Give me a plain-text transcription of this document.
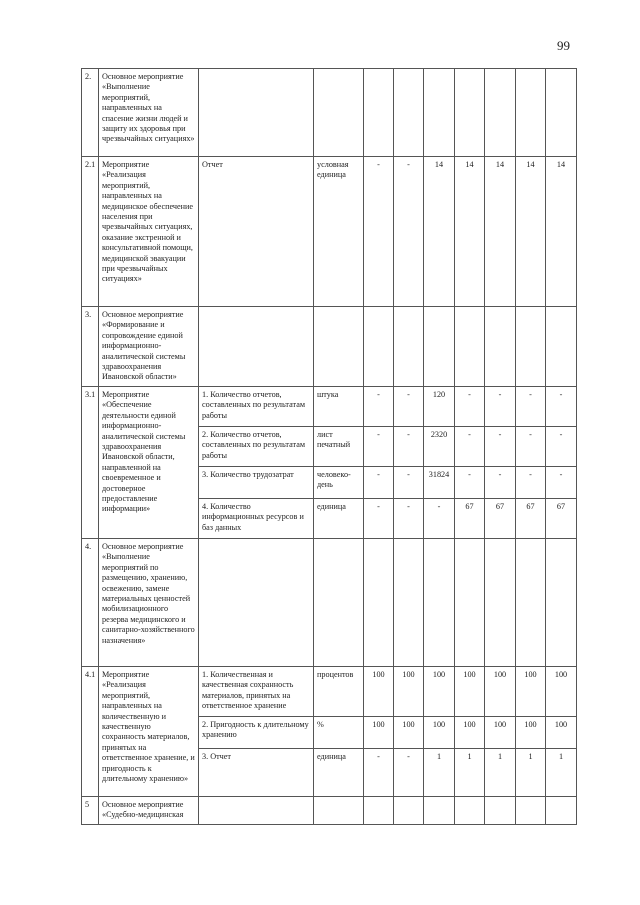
99
2.	Основное мероприятие «Выполнение мероприятий, направленных на спасение жизни людей и защиту их здоровья при чрезвычайных ситуациях»									
2.1	Мероприятие «Реализация мероприятий, направленных на медицинское обеспечение населения при чрезвычайных ситуациях, оказание экстренной и консультативной помощи, медицинской эвакуации при чрезвычайных ситуациях»	Отчет	условная единица	-	-	14	14	14	14	14
3.	Основное мероприятие «Формирование и сопровождение единой информационно-аналитической системы здравоохранения Ивановской области»									
3.1	Мероприятие «Обеспечение деятельности единой информационно-аналитической системы здравоохранения Ивановской области, направленной на своевременное и достоверное предоставление информации»	1. Количество отчетов, составленных по результатам работы	штука	-	-	120	-	-	-	-
		2. Количество отчетов, составленных по результатам работы	лист печатный	-	-	2320	-	-	-	-
		3. Количество трудозатрат	человеко-день	-	-	31824	-	-	-	-
		4. Количество информационных ресурсов и баз данных	единица	-	-	-	67	67	67	67
4.	Основное мероприятие «Выполнение мероприятий по размещению, хранению, освежению, замене материальных ценностей мобилизационного резерва медицинского и санитарно-хозяйственного назначения»									
4.1	Мероприятие «Реализация мероприятий, направленных на количественную и качественную сохранность материалов, принятых на ответственное хранение, и пригодность к длительному хранению»	1. Количественная и качественная сохранность материалов, принятых на ответственное хранение	процентов	100	100	100	100	100	100	100
		2. Пригодность к длительному хранению	%	100	100	100	100	100	100	100
		3. Отчет	единица	-	-	1	1	1	1	1
5	Основное мероприятие «Судебно-медицинская									
